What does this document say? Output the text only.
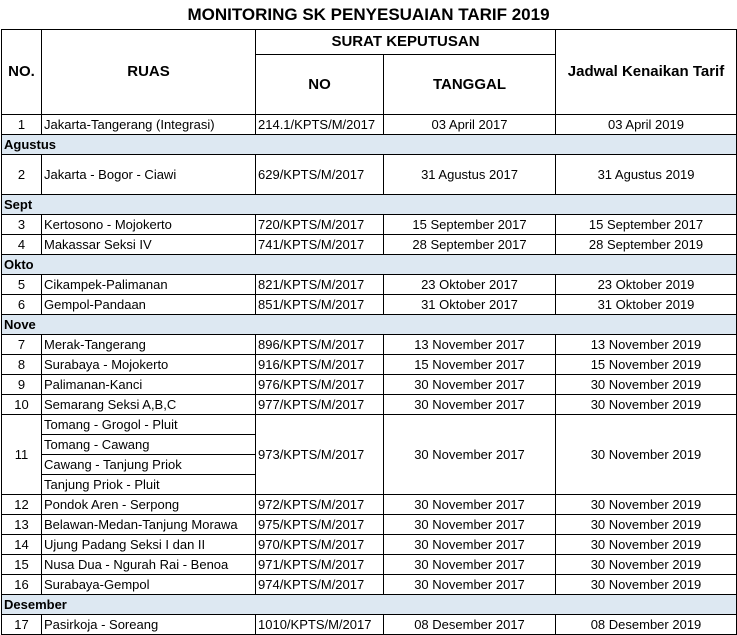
MONITORING SK PENYESUAIAN TARIF 2019
NO.	RUAS	SURAT KEPUTUSAN		Jadwal Kenaikan Tarif
		NO	TANGGAL	
1	Jakarta-Tangerang (Integrasi)	214.1/KPTS/M/2017	03 April 2017	03 April 2019
Agustus				
2	Jakarta - Bogor - Ciawi	629/KPTS/M/2017	31 Agustus 2017	31 Agustus 2019
Sept				
3	Kertosono - Mojokerto	720/KPTS/M/2017	15 September 2017	15 September 2017
4	Makassar Seksi IV	741/KPTS/M/2017	28 September 2017	28 September 2019
Okto				
5	Cikampek-Palimanan	821/KPTS/M/2017	23 Oktober 2017	23 Oktober 2019
6	Gempol-Pandaan	851/KPTS/M/2017	31 Oktober 2017	31 Oktober 2019
Nove				
7	Merak-Tangerang	896/KPTS/M/2017	13 November 2017	13 November 2019
8	Surabaya - Mojokerto	916/KPTS/M/2017	15 November 2017	15 November 2019
9	Palimanan-Kanci	976/KPTS/M/2017	30 November 2017	30 November 2019
10	Semarang Seksi A,B,C	977/KPTS/M/2017	30 November 2017	30 November 2019
11	Tomang - Grogol - Pluit	973/KPTS/M/2017	30 November 2017	30 November 2019
	Tomang - Cawang			
	Cawang - Tanjung Priok			
	Tanjung Priok - Pluit			
12	Pondok Aren - Serpong	972/KPTS/M/2017	30 November 2017	30 November 2019
13	Belawan-Medan-Tanjung Morawa	975/KPTS/M/2017	30 November 2017	30 November 2019
14	Ujung Padang Seksi I dan II	970/KPTS/M/2017	30 November 2017	30 November 2019
15	Nusa Dua - Ngurah Rai - Benoa	971/KPTS/M/2017	30 November 2017	30 November 2019
16	Surabaya-Gempol	974/KPTS/M/2017	30 November 2017	30 November 2019
Desember				
17	Pasirkoja - Soreang	1010/KPTS/M/2017	08 Desember 2017	08 Desember 2019
